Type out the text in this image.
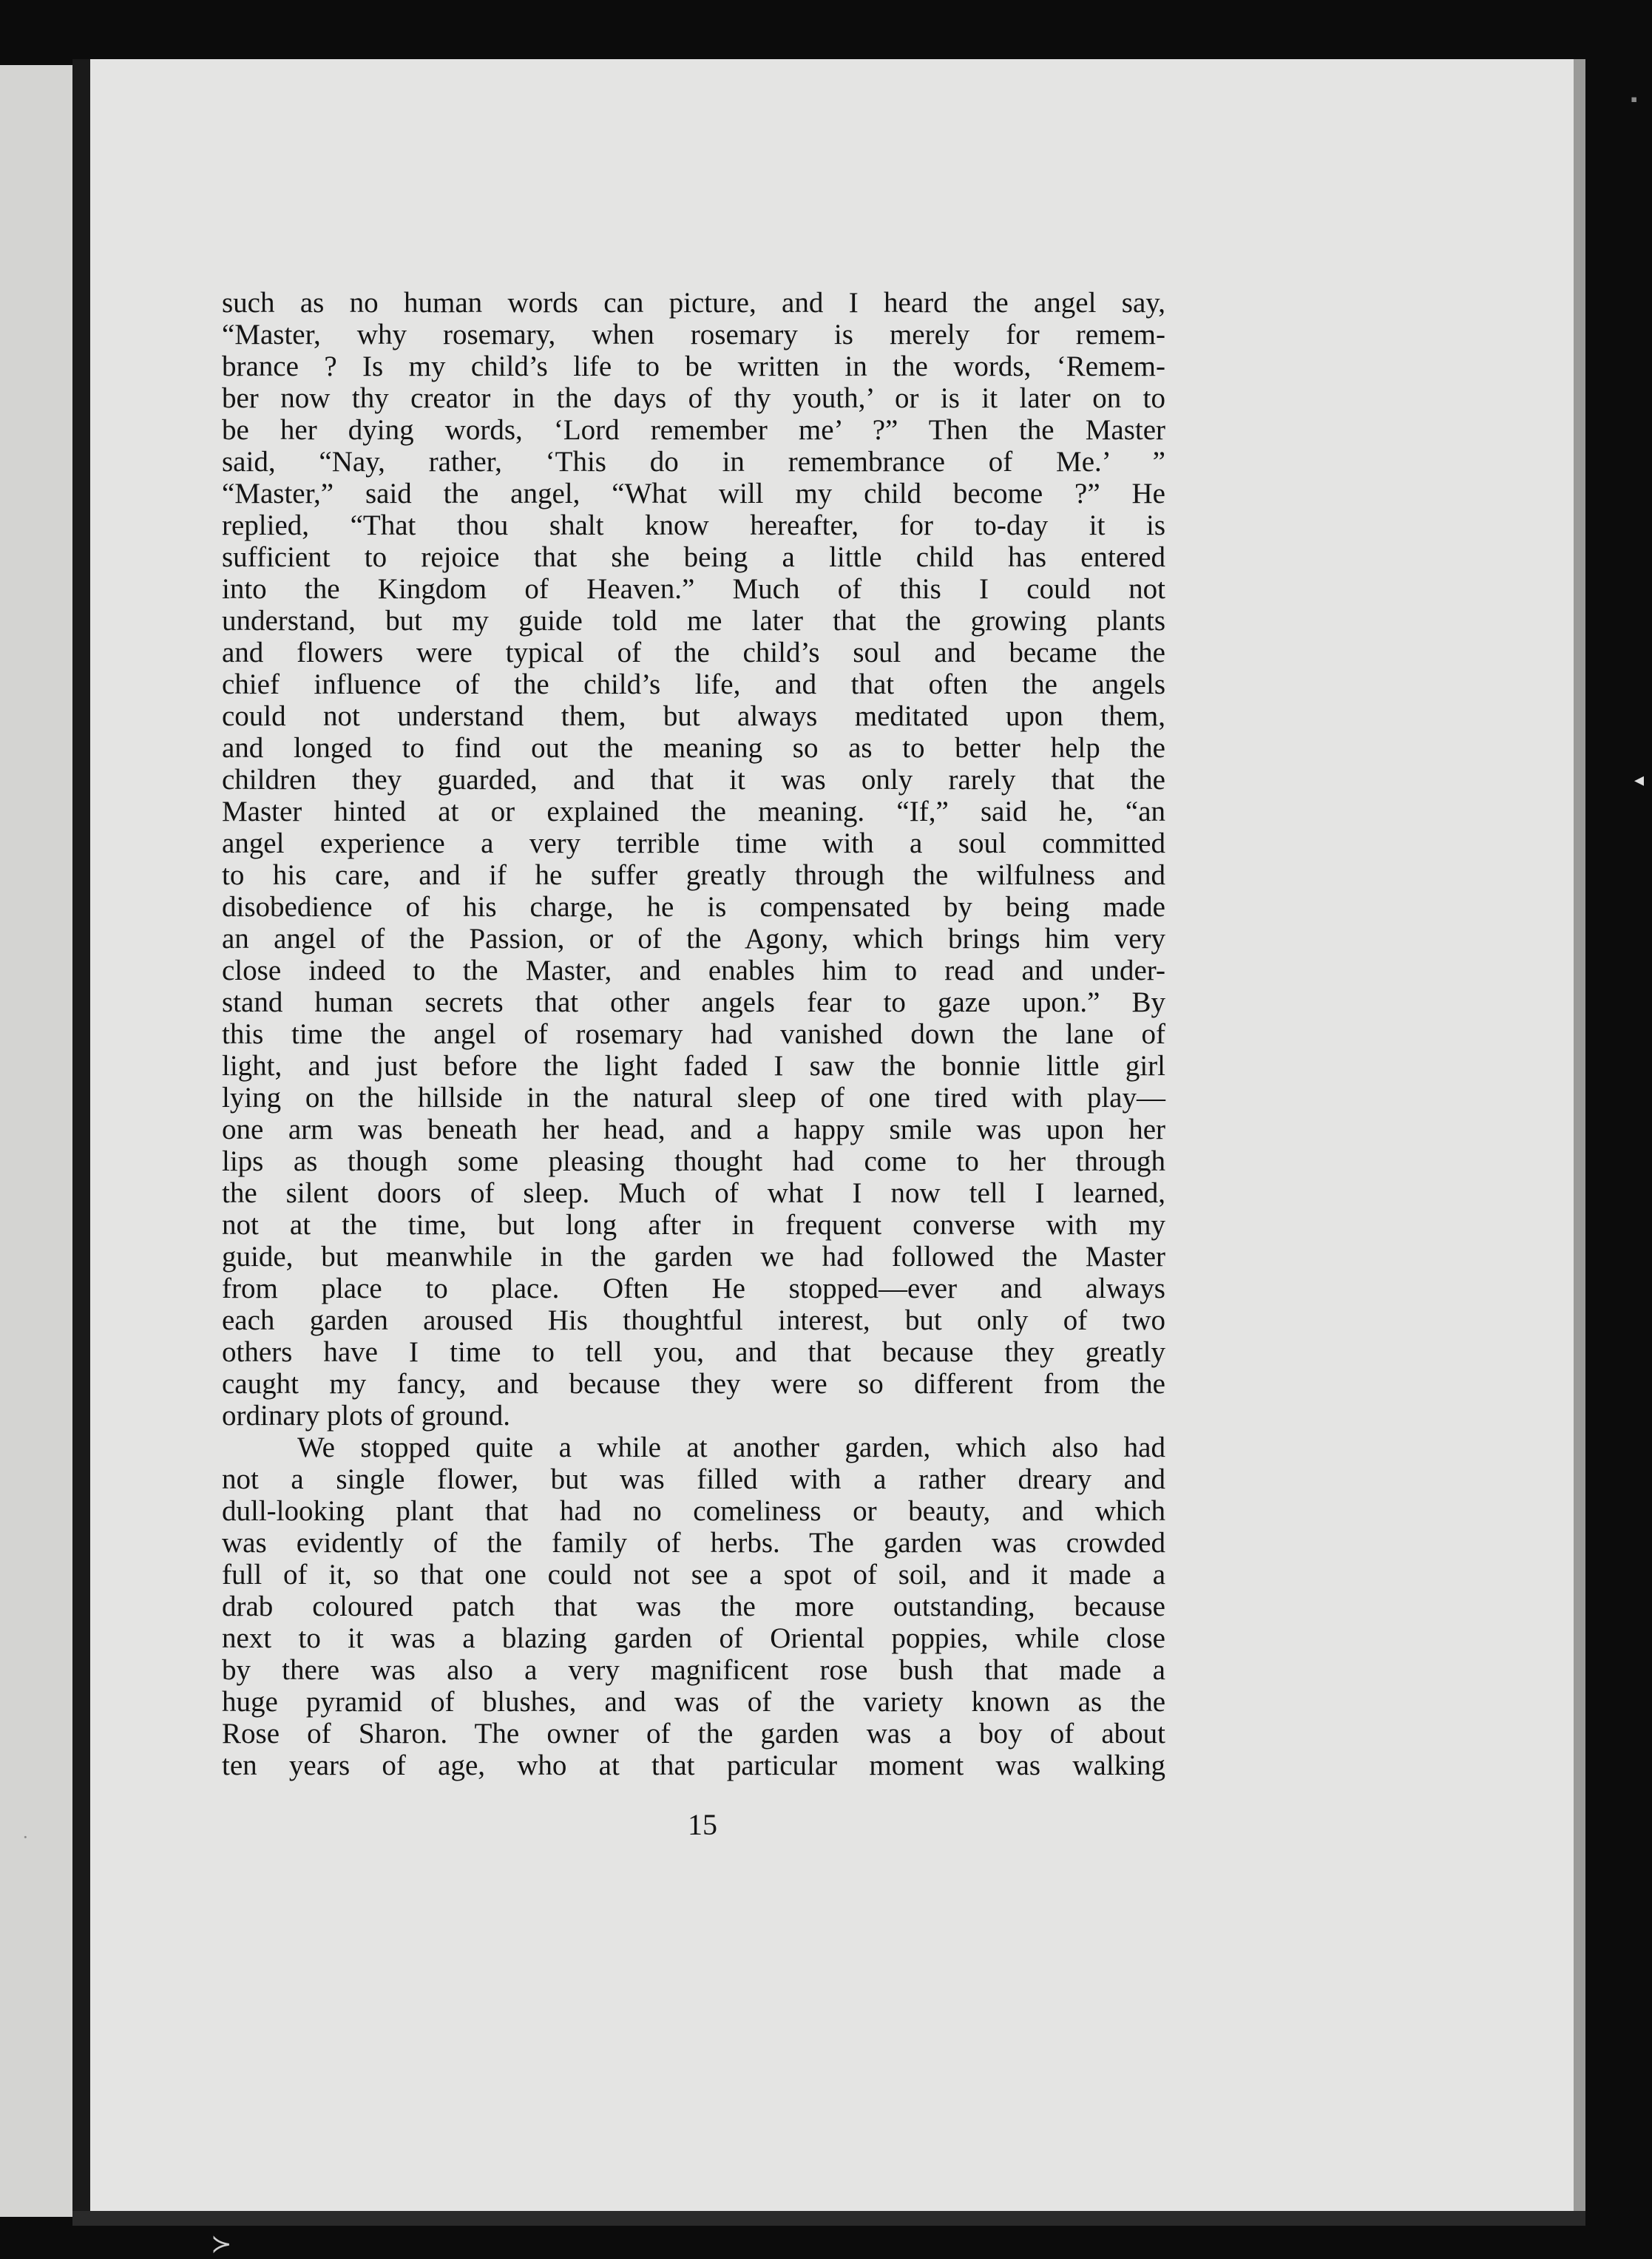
▪
◂
·
≻
such as no human words can picture, and I heard the angel say,
“Master, why rosemary, when rosemary is merely for remem-
brance ? Is my child’s life to be written in the words, ‘Remem-
ber now thy creator in the days of thy youth,’ or is it later on to
be her dying words, ‘Lord remember me’ ?” Then the Master
said, “Nay, rather, ‘This do in remembrance of Me.’ ”
“Master,” said the angel, “What will my child become ?” He
replied, “That thou shalt know hereafter, for to-day it is
sufficient to rejoice that she being a little child has entered
into the Kingdom of Heaven.” Much of this I could not
understand, but my guide told me later that the growing plants
and flowers were typical of the child’s soul and became the
chief influence of the child’s life, and that often the angels
could not understand them, but always meditated upon them,
and longed to find out the meaning so as to better help the
children they guarded, and that it was only rarely that the
Master hinted at or explained the meaning. “If,” said he, “an
angel experience a very terrible time with a soul committed
to his care, and if he suffer greatly through the wilfulness and
disobedience of his charge, he is compensated by being made
an angel of the Passion, or of the Agony, which brings him very
close indeed to the Master, and enables him to read and under-
stand human secrets that other angels fear to gaze upon.” By
this time the angel of rosemary had vanished down the lane of
light, and just before the light faded I saw the bonnie little girl
lying on the hillside in the natural sleep of one tired with play—
one arm was beneath her head, and a happy smile was upon her
lips as though some pleasing thought had come to her through
the silent doors of sleep. Much of what I now tell I learned,
not at the time, but long after in frequent converse with my
guide, but meanwhile in the garden we had followed the Master
from place to place. Often He stopped—ever and always
each garden aroused His thoughtful interest, but only of two
others have I time to tell you, and that because they greatly
caught my fancy, and because they were so different from the
ordinary plots of ground.
We stopped quite a while at another garden, which also had
not a single flower, but was filled with a rather dreary and
dull-looking plant that had no comeliness or beauty, and which
was evidently of the family of herbs. The garden was crowded
full of it, so that one could not see a spot of soil, and it made a
drab coloured patch that was the more outstanding, because
next to it was a blazing garden of Oriental poppies, while close
by there was also a very magnificent rose bush that made a
huge pyramid of blushes, and was of the variety known as the
Rose of Sharon. The owner of the garden was a boy of about
ten years of age, who at that particular moment was walking
15
